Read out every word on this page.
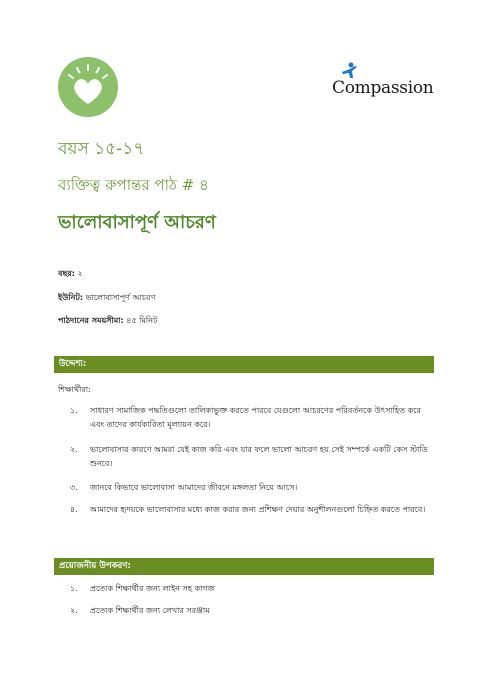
Compassion
বয়স ১৫-১৭
ব্যক্তিত্ব রুপান্তর পাঠ # ৪
ভালোবাসাপূর্ণ আচরণ
বছর: ২
ইউনিট: ভালোবাসাপূর্ণ আচরণ
পাঠদানের সময়সীমা: ৪৫ মিনিট
উদ্দেশ্য:
শিক্ষার্থীরা:
১. সাধারণ সামাজিক পদ্ধতিগুলো তালিকাভুক্ত করতে পারবে যেগুলো আচরণের পরিবর্তনকে উৎসাহিত করে এবং তাদের কার্যকারিতা মূল্যায়ন করে।
২. ভালোবাসার কারণে আমরা যেই কাজ করি এবং যার ফলে ভালো আচরণ হয় সেই সম্পর্কে একটি কেস স্টাডি শুনবে।
৩. জানবে কিভাবে ভালোবাসা আমাদের জীবনে মঙ্গলতা নিয়ে আসে।
৪. আমাদের হৃদয়কে ভালোবাসার মধ্যে কাজ করার জন্য প্রশিক্ষণ দেয়ার অনুশীলনগুলো চিহ্নিত করতে পারবে।
প্রয়োজনীয় উপকরণ:
১. প্রত্যেক শিক্ষার্থীর জন্য লাইন সহ কাগজ
২. প্রত্যেক শিক্ষার্থীর জন্য লেখার সরঞ্জাম
